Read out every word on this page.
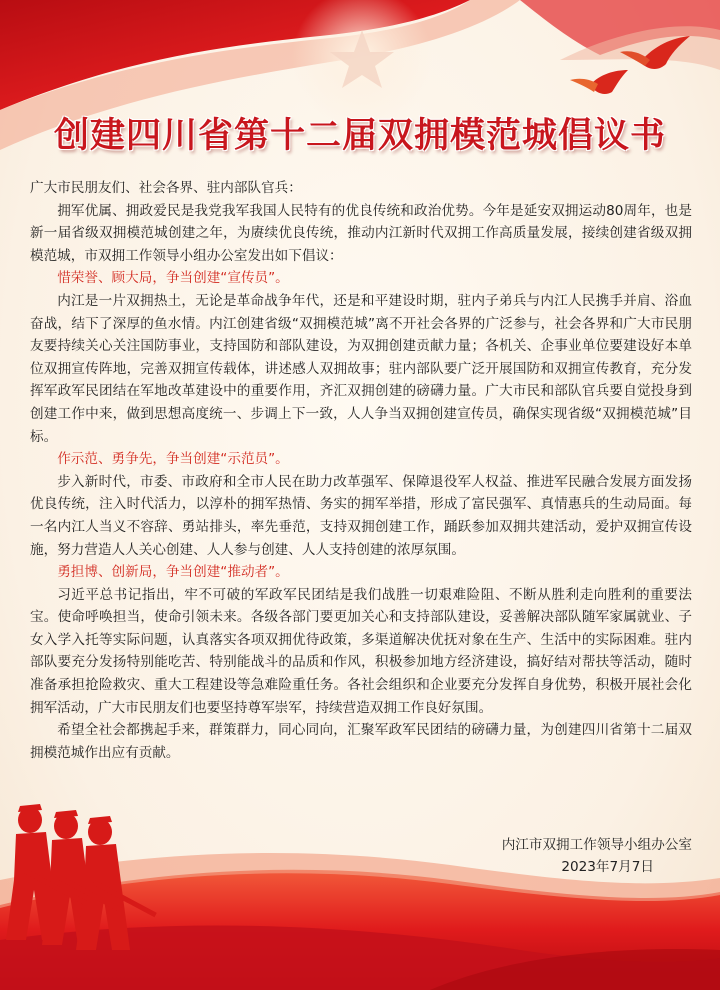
创建四川省第十二届双拥模范城倡议书

广大市民朋友们、社会各界、驻内部队官兵：

拥军优属、拥政爱民是我党我军我国人民特有的优良传统和政治优势。今年是延安双拥运动80周年，也是新一届省级双拥模范城创建之年，为赓续优良传统，推动内江新时代双拥工作高质量发展，接续创建省级双拥模范城，市双拥工作领导小组办公室发出如下倡议：

惜荣誉、顾大局，争当创建“宣传员”。

内江是一片双拥热土，无论是革命战争年代，还是和平建设时期，驻内子弟兵与内江人民携手并肩、浴血奋战，结下了深厚的鱼水情。内江创建省级“双拥模范城”离不开社会各界的广泛参与，社会各界和广大市民朋友要持续关心关注国防事业，支持国防和部队建设，为双拥创建贡献力量；各机关、企事业单位要建设好本单位双拥宣传阵地，完善双拥宣传载体，讲述感人双拥故事；驻内部队要广泛开展国防和双拥宣传教育，充分发挥军政军民团结在军地改革建设中的重要作用，齐汇双拥创建的磅礴力量。广大市民和部队官兵要自觉投身到创建工作中来，做到思想高度统一、步调上下一致，人人争当双拥创建宣传员，确保实现省级“双拥模范城”目标。

作示范、勇争先，争当创建“示范员”。

步入新时代，市委、市政府和全市人民在助力改革强军、保障退役军人权益、推进军民融合发展方面发扬优良传统，注入时代活力，以淳朴的拥军热情、务实的拥军举措，形成了富民强军、真情惠兵的生动局面。每一名内江人当义不容辞、勇站排头，率先垂范，支持双拥创建工作，踊跃参加双拥共建活动，爱护双拥宣传设施，努力营造人人关心创建、人人参与创建、人人支持创建的浓厚氛围。

勇担博、创新局，争当创建“推动者”。

习近平总书记指出，牢不可破的军政军民团结是我们战胜一切艰难险阻、不断从胜利走向胜利的重要法宝。使命呼唤担当，使命引领未来。各级各部门要更加关心和支持部队建设，妥善解决部队随军家属就业、子女入学入托等实际问题，认真落实各项双拥优待政策，多渠道解决优抚对象在生产、生活中的实际困难。驻内部队要充分发扬特别能吃苦、特别能战斗的品质和作风，积极参加地方经济建设，搞好结对帮扶等活动，随时准备承担抢险救灾、重大工程建设等急难险重任务。各社会组织和企业要充分发挥自身优势，积极开展社会化拥军活动，广大市民朋友们也要坚持尊军崇军，持续营造双拥工作良好氛围。

希望全社会都携起手来，群策群力，同心同向，汇聚军政军民团结的磅礴力量，为创建四川省第十二届双拥模范城作出应有贡献。

内江市双拥工作领导小组办公室
2023年7月7日
